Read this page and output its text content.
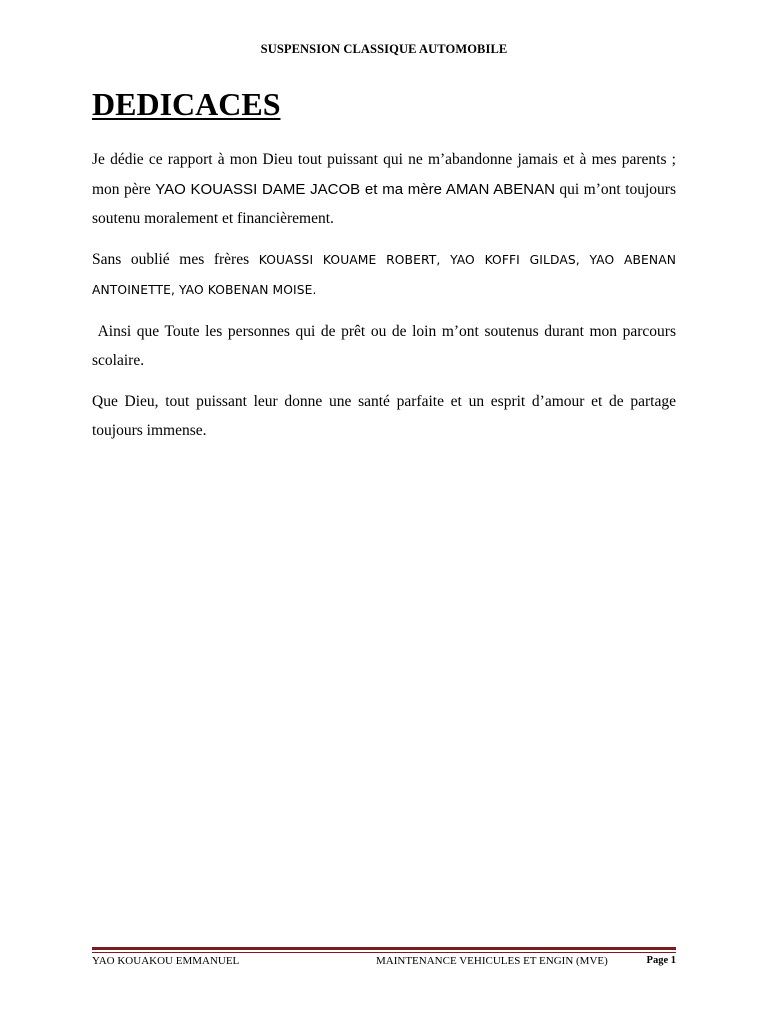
SUSPENSION CLASSIQUE AUTOMOBILE
DEDICACES

Je dédie ce rapport à mon Dieu tout puissant qui ne m’abandonne jamais et à mes parents ; mon père YAO KOUASSI DAME JACOB et ma mère AMAN ABENAN qui m’ont toujours soutenu moralement et financièrement.

Sans oublié mes frères KOUASSI KOUAME ROBERT, YAO KOFFI GILDAS, YAO ABENAN ANTOINETTE, YAO KOBENAN MOISE.

Ainsi que Toute les personnes qui de prêt ou de loin m’ont soutenus durant mon parcours scolaire.

Que Dieu, tout puissant leur donne une santé parfaite et un esprit d’amour et de partage toujours immense.

YAO KOUAKOU EMMANUEL	MAINTENANCE VEHICULES ET ENGIN (MVE)	Page 1
